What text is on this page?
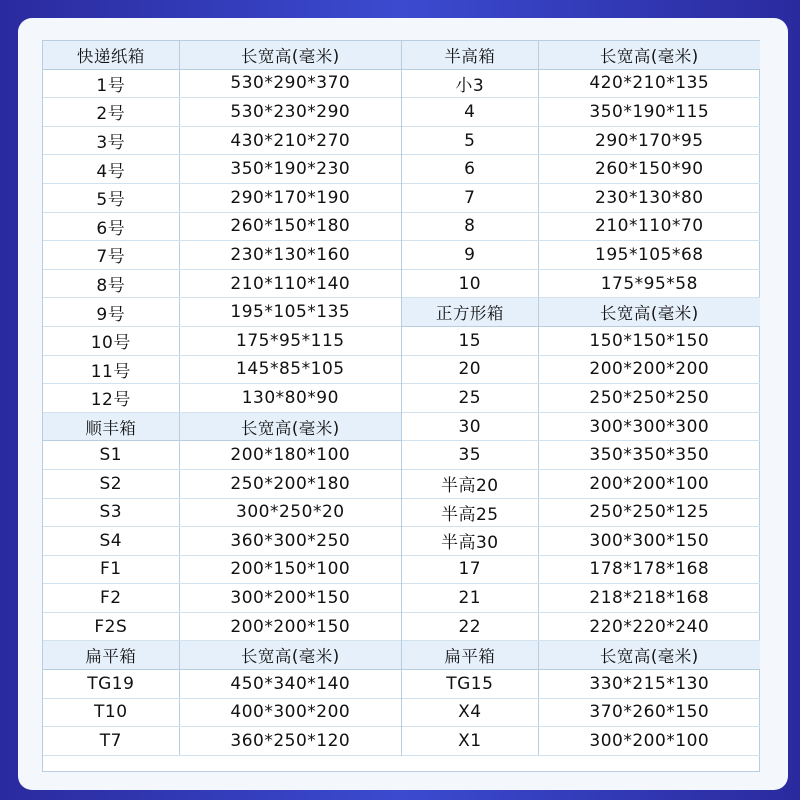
快递纸箱	长宽高(毫米)
1号	530*290*370
2号	530*230*290
3号	430*210*270
4号	350*190*230
5号	290*170*190
6号	260*150*180
7号	230*130*160
8号	210*110*140
9号	195*105*135
10号	175*95*115
11号	145*85*105
12号	130*80*90
顺丰箱	长宽高(毫米)
S1	200*180*100
S2	250*200*180
S3	300*250*20
S4	360*300*250
F1	200*150*100
F2	300*200*150
F2S	200*200*150
扁平箱	长宽高(毫米)
TG19	450*340*140
T10	400*300*200
T7	360*250*120
半高箱	长宽高(毫米)
小3	420*210*135
4	350*190*115
5	290*170*95
6	260*150*90
7	230*130*80
8	210*110*70
9	195*105*68
10	175*95*58
正方形箱	长宽高(毫米)
15	150*150*150
20	200*200*200
25	250*250*250
30	300*300*300
35	350*350*350
半高20	200*200*100
半高25	250*250*125
半高30	300*300*150
17	178*178*168
21	218*218*168
22	220*220*240
扁平箱	长宽高(毫米)
TG15	330*215*130
X4	370*260*150
X1	300*200*100
